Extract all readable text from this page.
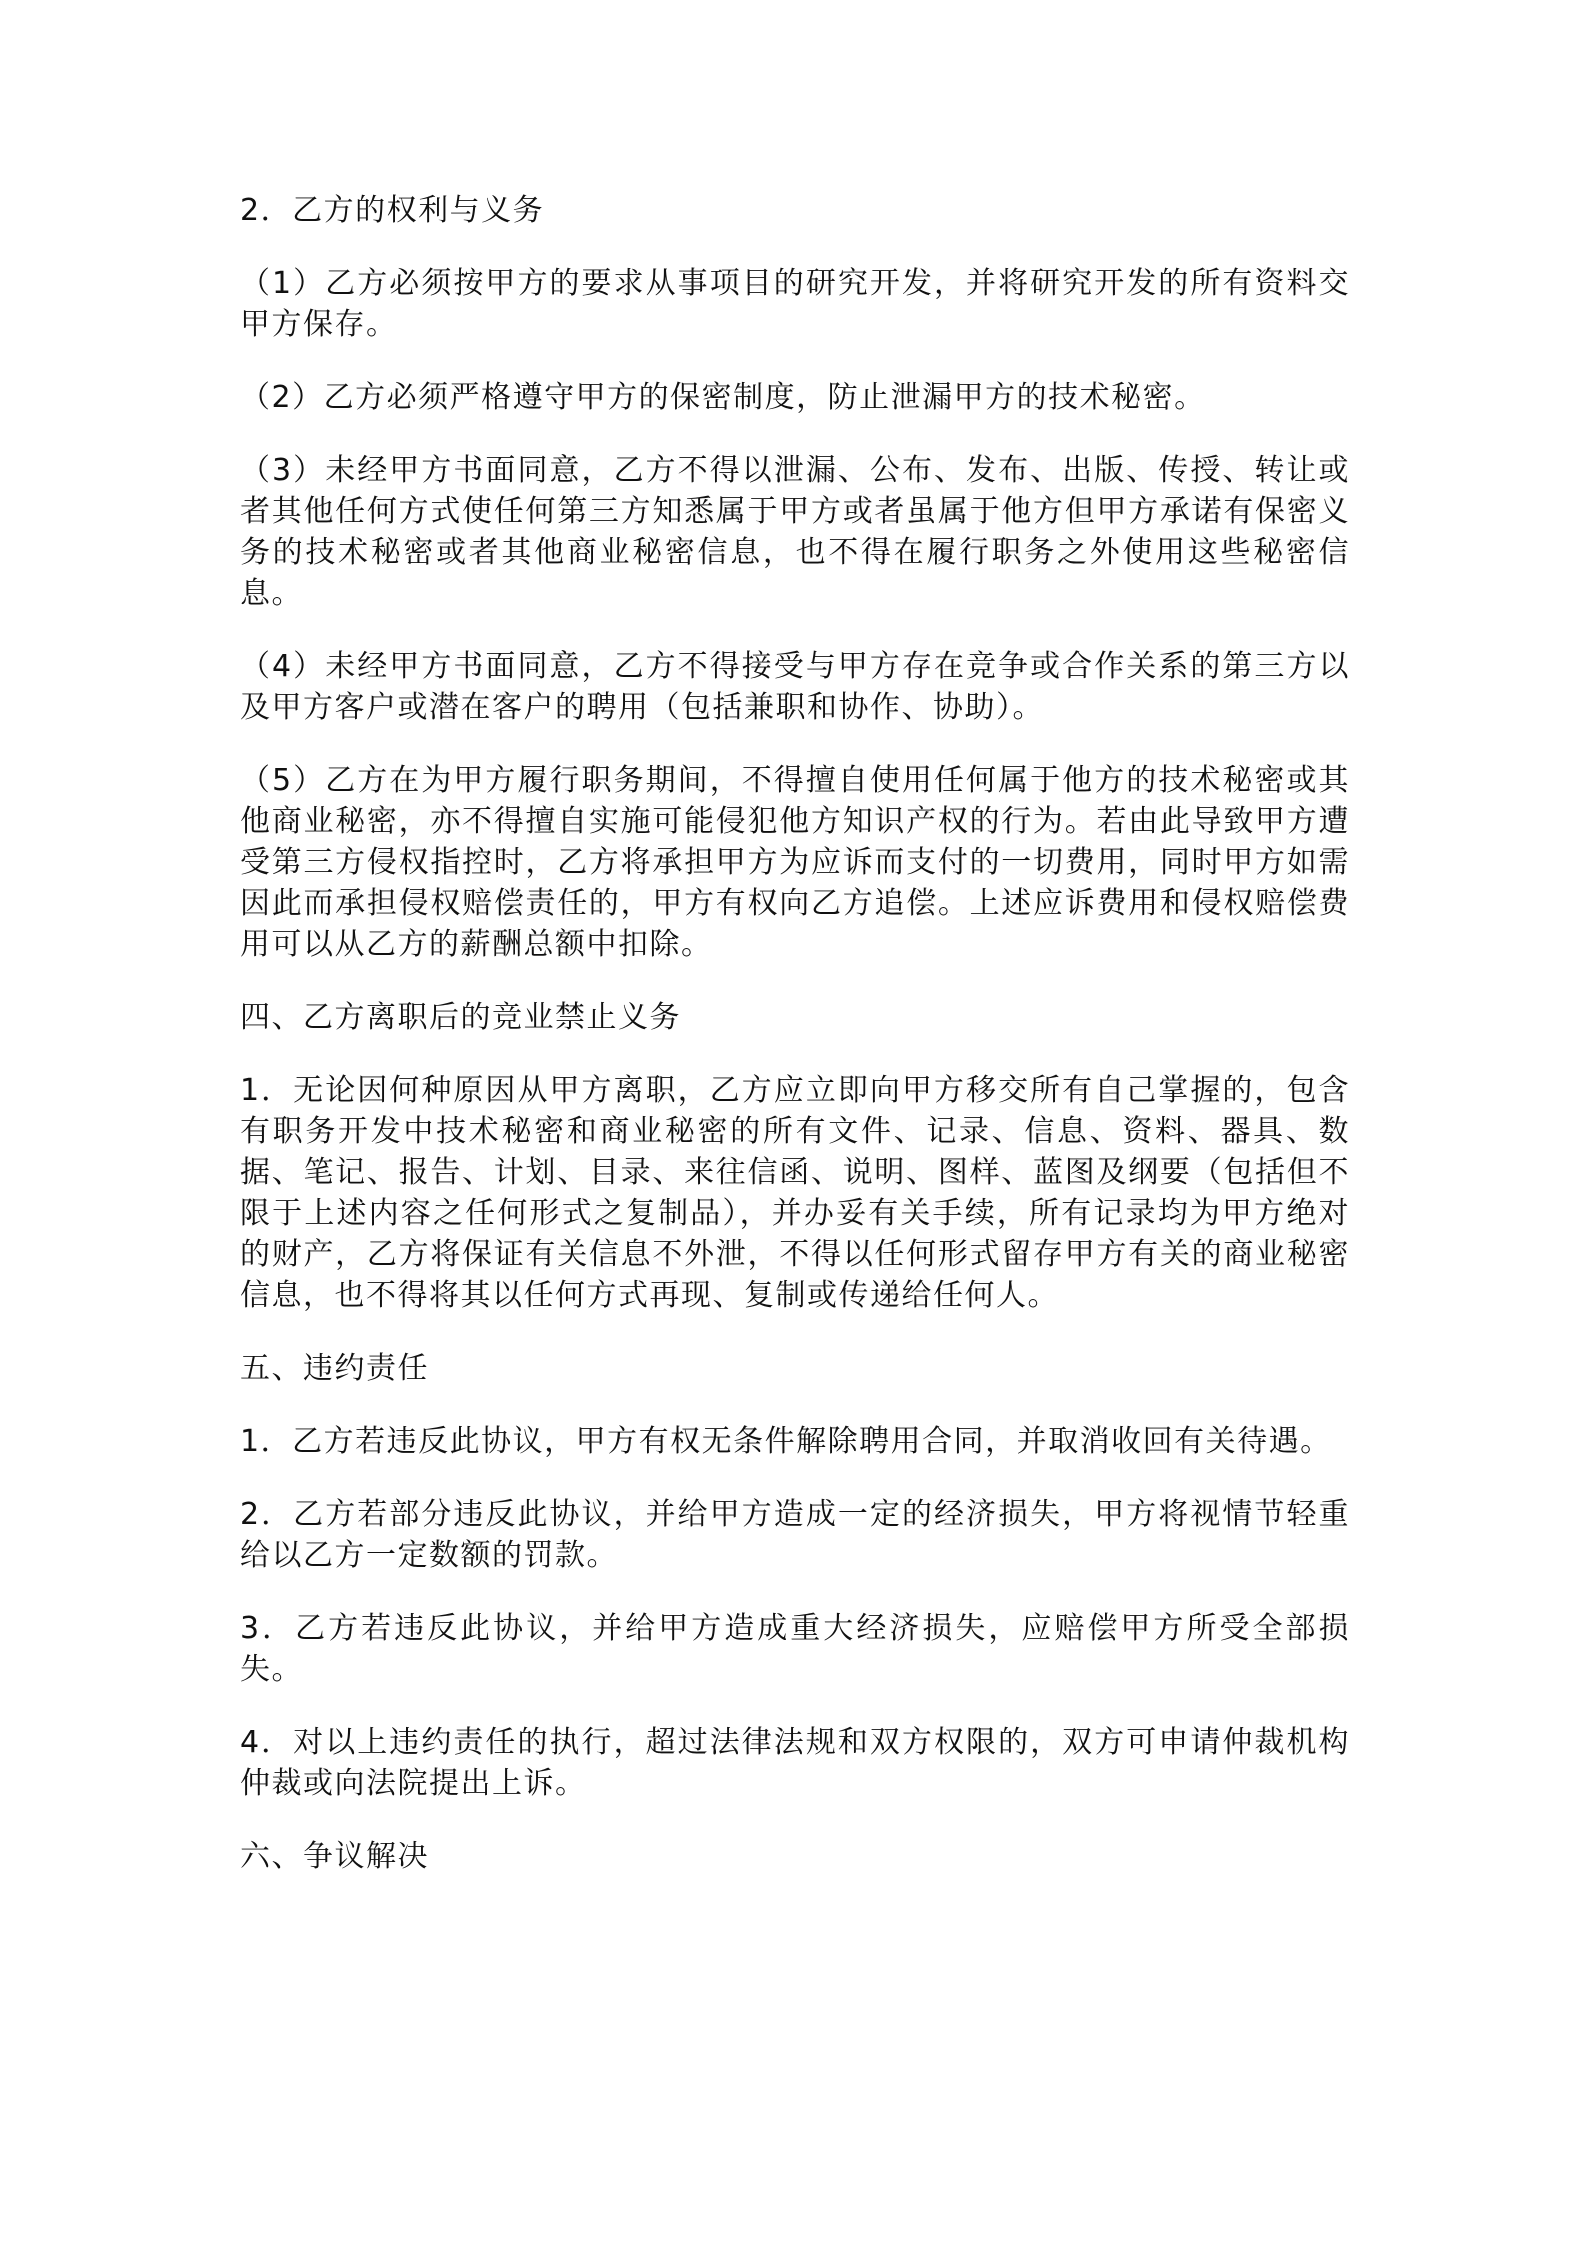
2．乙方的权利与义务

（1）乙方必须按甲方的要求从事项目的研究开发，并将研究开发的所有资料交甲方保存。

（2）乙方必须严格遵守甲方的保密制度，防止泄漏甲方的技术秘密。

（3）未经甲方书面同意，乙方不得以泄漏、公布、发布、出版、传授、转让或者其他任何方式使任何第三方知悉属于甲方或者虽属于他方但甲方承诺有保密义务的技术秘密或者其他商业秘密信息，也不得在履行职务之外使用这些秘密信息。

（4）未经甲方书面同意，乙方不得接受与甲方存在竞争或合作关系的第三方以及甲方客户或潜在客户的聘用（包括兼职和协作、协助）。

（5）乙方在为甲方履行职务期间，不得擅自使用任何属于他方的技术秘密或其他商业秘密，亦不得擅自实施可能侵犯他方知识产权的行为。若由此导致甲方遭受第三方侵权指控时，乙方将承担甲方为应诉而支付的一切费用，同时甲方如需因此而承担侵权赔偿责任的，甲方有权向乙方追偿。上述应诉费用和侵权赔偿费用可以从乙方的薪酬总额中扣除。

四、乙方离职后的竞业禁止义务

1．无论因何种原因从甲方离职，乙方应立即向甲方移交所有自己掌握的，包含有职务开发中技术秘密和商业秘密的所有文件、记录、信息、资料、器具、数据、笔记、报告、计划、目录、来往信函、说明、图样、蓝图及纲要（包括但不限于上述内容之任何形式之复制品），并办妥有关手续，所有记录均为甲方绝对的财产，乙方将保证有关信息不外泄，不得以任何形式留存甲方有关的商业秘密信息，也不得将其以任何方式再现、复制或传递给任何人。

五、违约责任

1．乙方若违反此协议，甲方有权无条件解除聘用合同，并取消收回有关待遇。

2．乙方若部分违反此协议，并给甲方造成一定的经济损失，甲方将视情节轻重给以乙方一定数额的罚款。

3．乙方若违反此协议，并给甲方造成重大经济损失，应赔偿甲方所受全部损失。

4．对以上违约责任的执行，超过法律法规和双方权限的，双方可申请仲裁机构仲裁或向法院提出上诉。

六、争议解决
